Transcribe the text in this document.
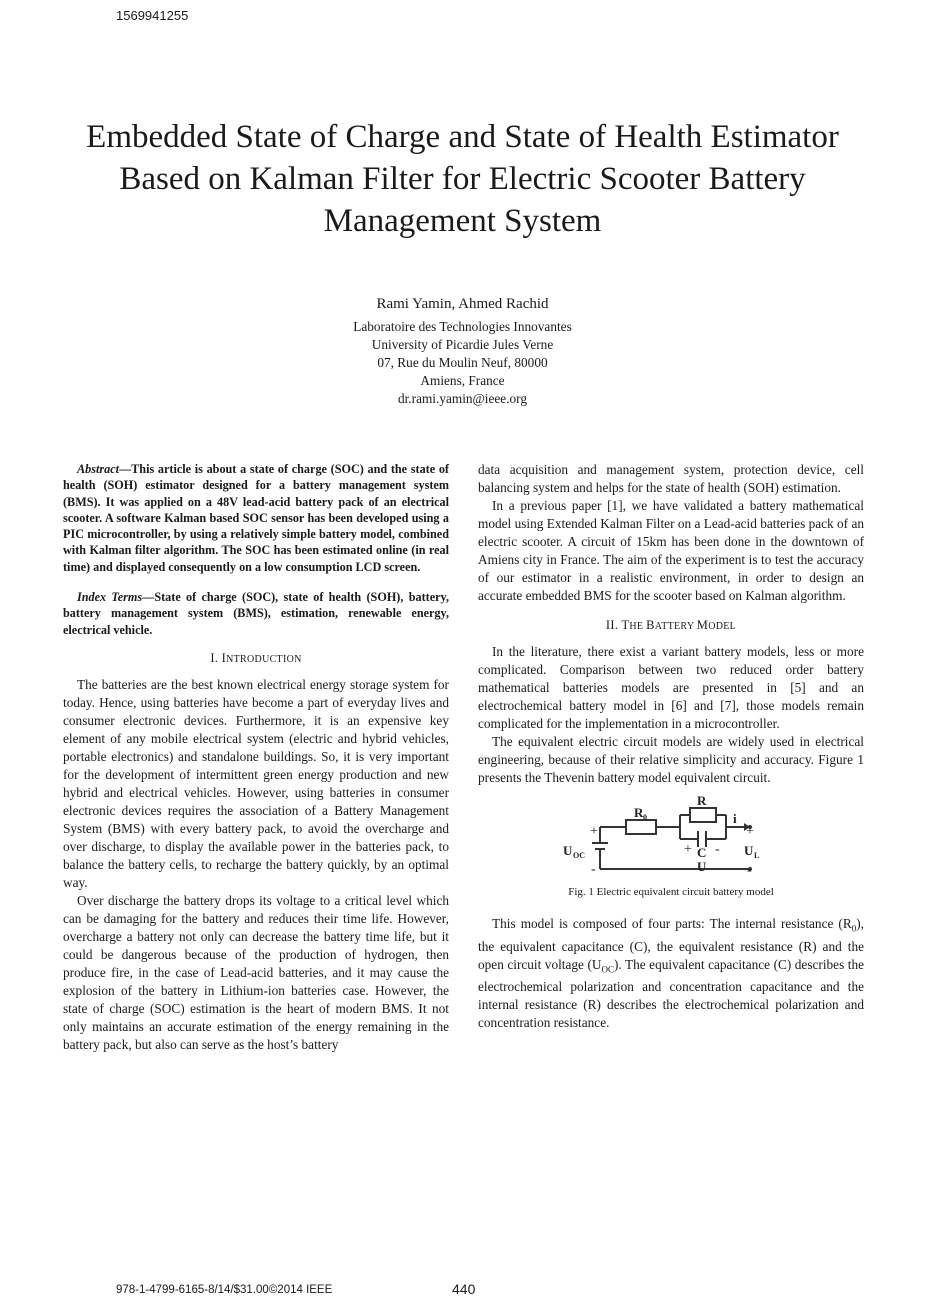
1569941255
Embedded State of Charge and State of Health Estimator Based on Kalman Filter for Electric Scooter Battery Management System
Rami Yamin, Ahmed Rachid
Laboratoire des Technologies Innovantes
University of Picardie Jules Verne
07, Rue du Moulin Neuf, 80000
Amiens, France
dr.rami.yamin@ieee.org

Abstract—This article is about a state of charge (SOC) and the state of health (SOH) estimator designed for a battery management system (BMS). It was applied on a 48V lead-acid battery pack of an electrical scooter. A software Kalman based SOC sensor has been developed using a PIC microcontroller, by using a relatively simple battery model, combined with Kalman filter algorithm. The SOC has been estimated online (in real time) and displayed consequently on a low consumption LCD screen.

Index Terms—State of charge (SOC), state of health (SOH), battery, battery management system (BMS), estimation, renewable energy, electrical vehicle.

I. INTRODUCTION

The batteries are the best known electrical energy storage system for today. Hence, using batteries have become a part of everyday lives and consumer electronic devices. Furthermore, it is an expensive key element of any mobile electrical system (electric and hybrid vehicles, portable electronics) and standalone buildings. So, it is very important for the development of intermittent green energy production and new hybrid and electrical vehicles. However, using batteries in consumer electronic devices requires the association of a Battery Management System (BMS) with every battery pack, to avoid the overcharge and over discharge, to display the available power in the batteries pack, to balance the battery cells, to recharge the battery quickly, by an optimal way.

Over discharge the battery drops its voltage to a critical level which can be damaging for the battery and reduces their time life. However, overcharge a battery not only can decrease the battery time life, but it could be dangerous because of the production of hydrogen, then produce fire, in the case of Lead-acid batteries, and it may cause the explosion of the battery in Lithium-ion batteries case. However, the state of charge (SOC) estimation is the heart of modern BMS. It not only maintains an accurate estimation of the energy remaining in the battery pack, but also can serve as the host’s battery

data acquisition and management system, protection device, cell balancing system and helps for the state of health (SOH) estimation.

In a previous paper [1], we have validated a battery mathematical model using Extended Kalman Filter on a Lead-acid batteries pack of an electric scooter. A circuit of 15km has been done in the downtown of Amiens city in France. The aim of the experiment is to test the accuracy of our estimator in a realistic environment, in order to design an accurate embedded BMS for the scooter based on Kalman algorithm.

II. THE BATTERY MODEL

In the literature, there exist a variant battery models, less or more complicated. Comparison between two reduced order battery mathematical batteries models are presented in [5] and an electrochemical battery model in [6] and [7], those models remain complicated for the implementation in a microcontroller.

The equivalent electric circuit models are widely used in electrical engineering, because of their relative simplicity and accuracy. Figure 1 presents the Thevenin battery model equivalent circuit.

R
R 0	i
C
U
U OC	U L
+
-
+ -
+
-

Fig. 1 Electric equivalent circuit battery model

This model is composed of four parts: The internal resistance $(R_0)$, the equivalent capacitance (C), the equivalent resistance (R) and the open circuit voltage $(U_{OC})$. The equivalent capacitance (C) describes the electrochemical polarization and concentration capacitance and the internal resistance (R) describes the electrochemical polarization and concentration resistance.

978-1-4799-6165-8/14/$31.00©2014 IEEE	440
